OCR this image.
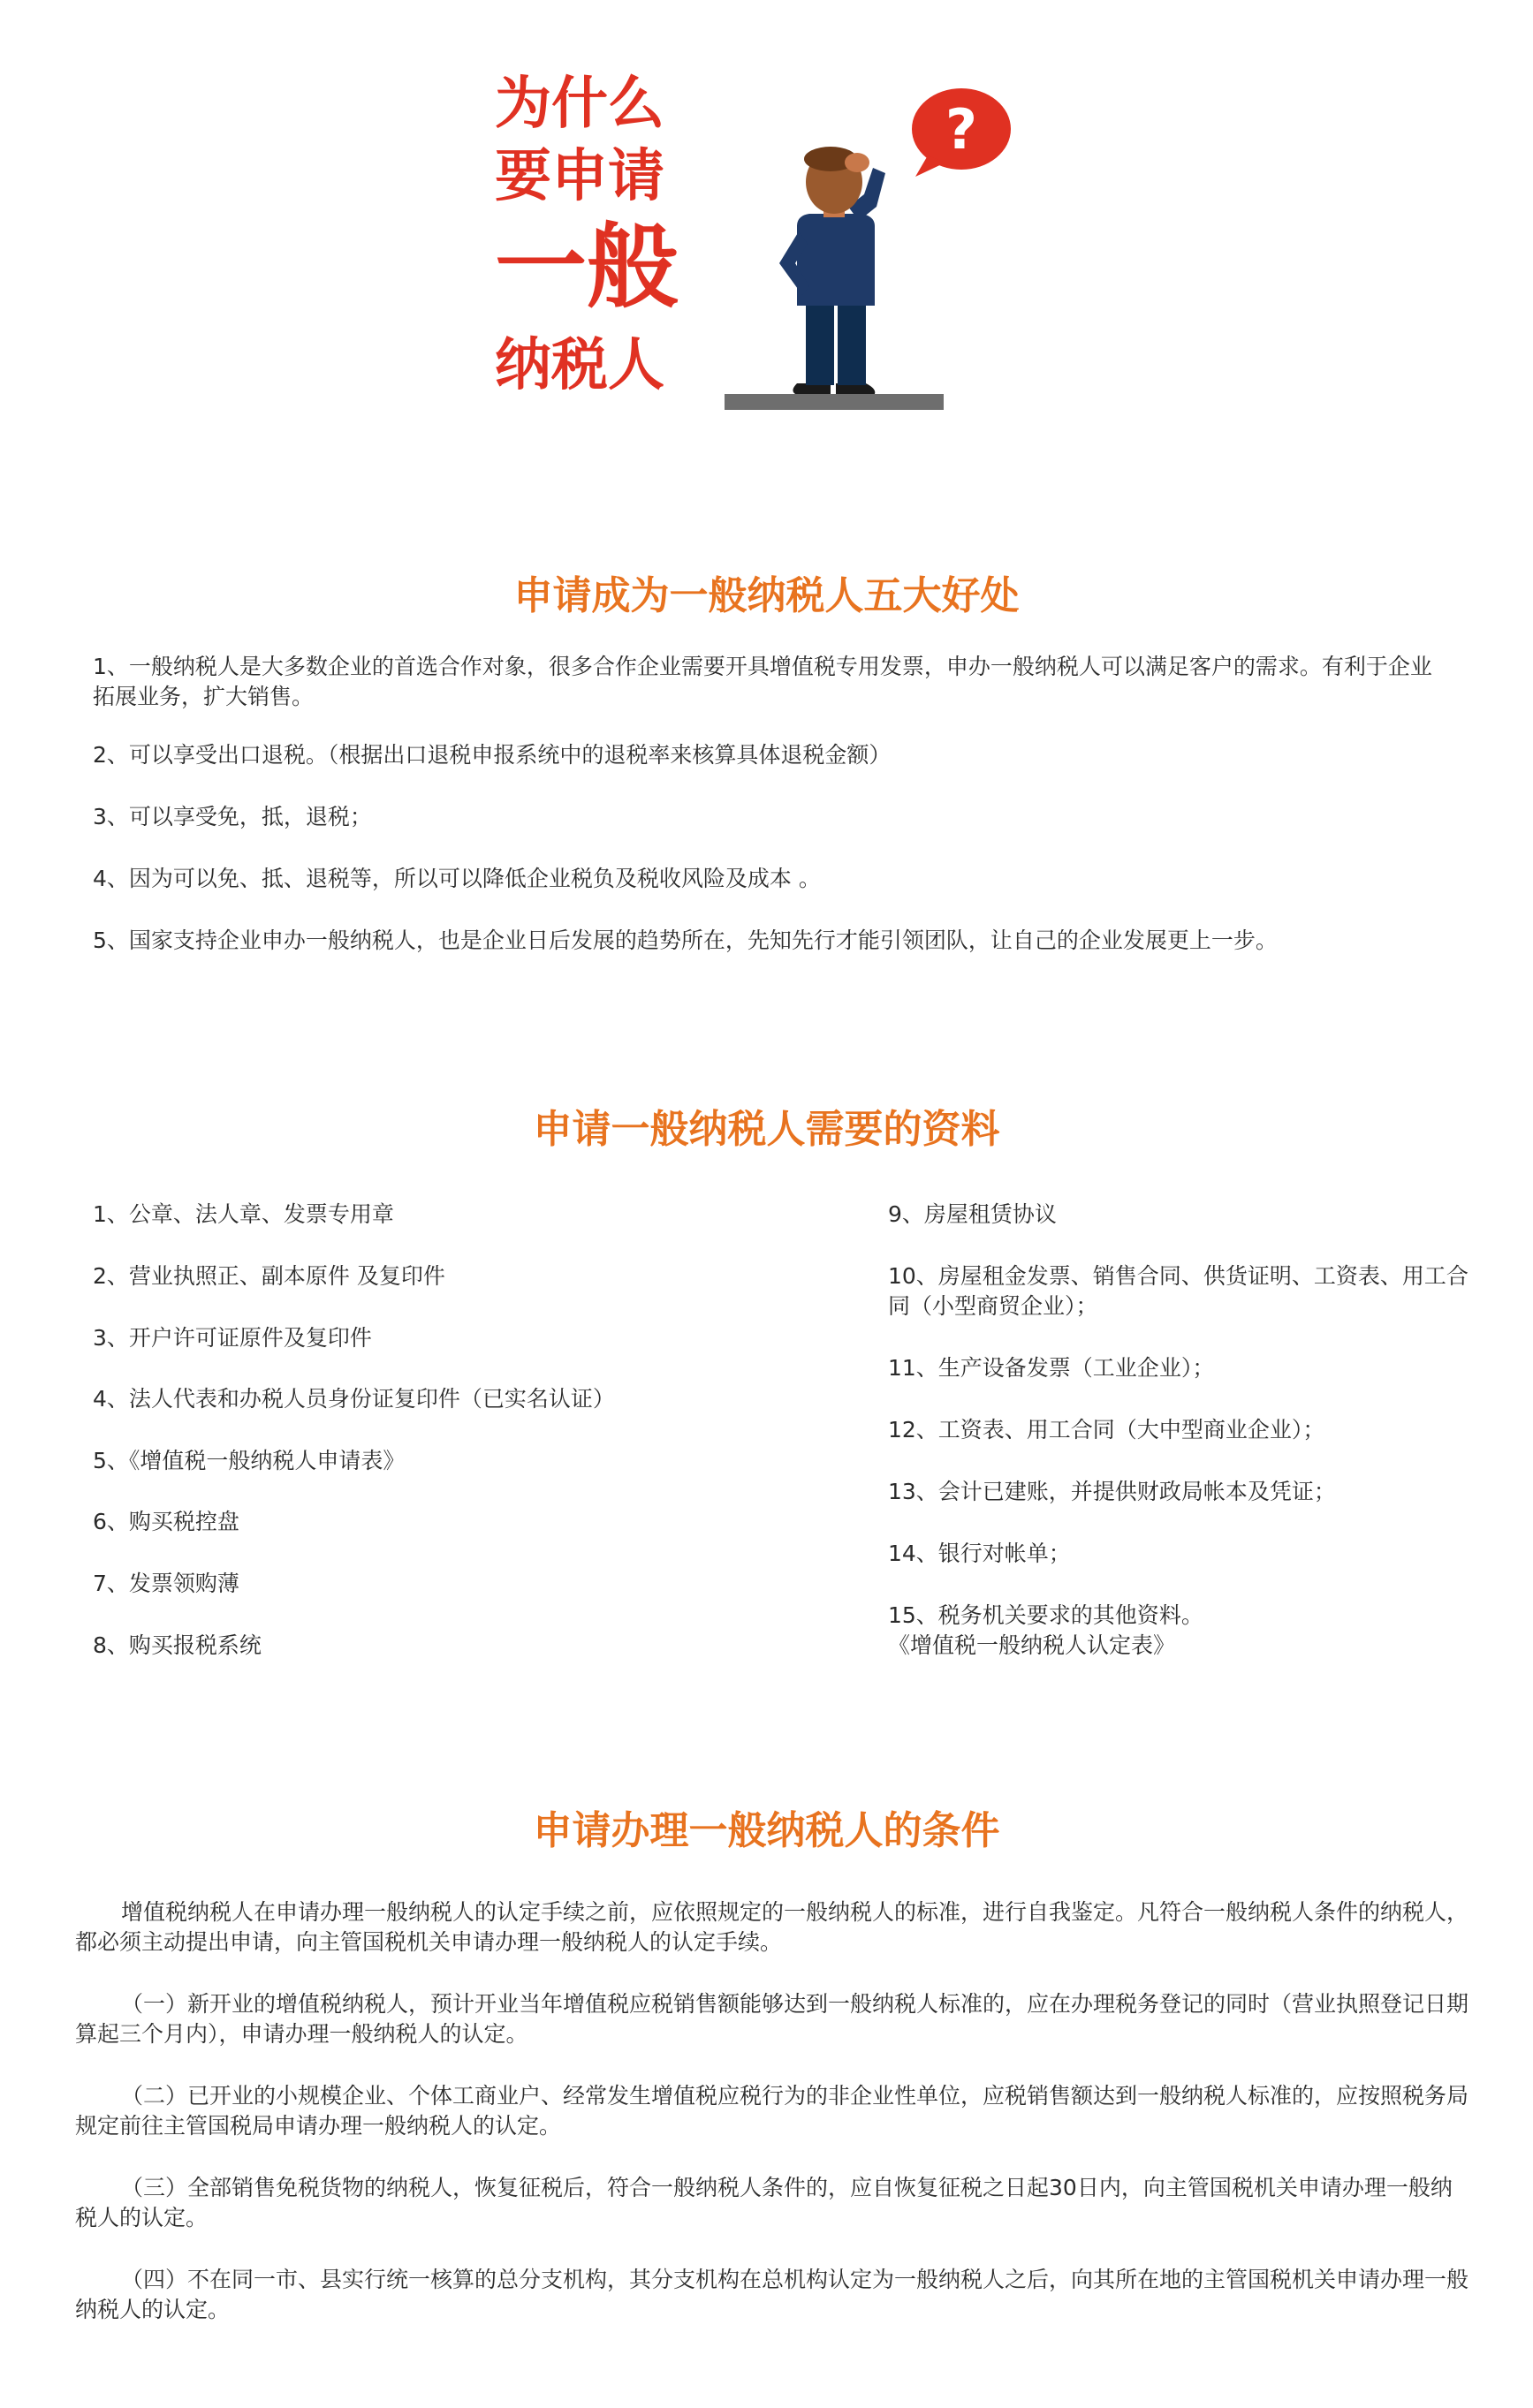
为什么
要申请
一般
纳税人
?
申请成为一般纳税人五大好处
1、一般纳税人是大多数企业的首选合作对象，很多合作企业需要开具增值税专用发票，申办一般纳税人可以满足客户的需求。有利于企业拓展业务，扩大销售。
2、可以享受出口退税。（根据出口退税申报系统中的退税率来核算具体退税金额）
3、可以享受免，抵，退税；
4、因为可以免、抵、退税等，所以可以降低企业税负及税收风险及成本 。
5、国家支持企业申办一般纳税人，也是企业日后发展的趋势所在，先知先行才能引领团队，让自己的企业发展更上一步。
申请一般纳税人需要的资料
1、公章、法人章、发票专用章
2、营业执照正、副本原件 及复印件
3、开户许可证原件及复印件
4、法人代表和办税人员身份证复印件（已实名认证）
5、《增值税一般纳税人申请表》
6、购买税控盘
7、发票领购薄
8、购买报税系统
9、房屋租赁协议
10、房屋租金发票、销售合同、供货证明、工资表、用工合同（小型商贸企业）；
11、生产设备发票（工业企业）；
12、工资表、用工合同（大中型商业企业）；
13、会计已建账，并提供财政局帐本及凭证；
14、银行对帐单；
15、税务机关要求的其他资料。
《增值税一般纳税人认定表》
申请办理一般纳税人的条件
增值税纳税人在申请办理一般纳税人的认定手续之前，应依照规定的一般纳税人的标准，进行自我鉴定。凡符合一般纳税人条件的纳税人，都必须主动提出申请，向主管国税机关申请办理一般纳税人的认定手续。
（一）新开业的增值税纳税人，预计开业当年增值税应税销售额能够达到一般纳税人标准的，应在办理税务登记的同时（营业执照登记日期算起三个月内），申请办理一般纳税人的认定。
（二）已开业的小规模企业、个体工商业户、经常发生增值税应税行为的非企业性单位，应税销售额达到一般纳税人标准的，应按照税务局规定前往主管国税局申请办理一般纳税人的认定。
（三）全部销售免税货物的纳税人，恢复征税后，符合一般纳税人条件的，应自恢复征税之日起30日内，向主管国税机关申请办理一般纳税人的认定。
（四）不在同一市、县实行统一核算的总分支机构，其分支机构在总机构认定为一般纳税人之后，向其所在地的主管国税机关申请办理一般纳税人的认定。
